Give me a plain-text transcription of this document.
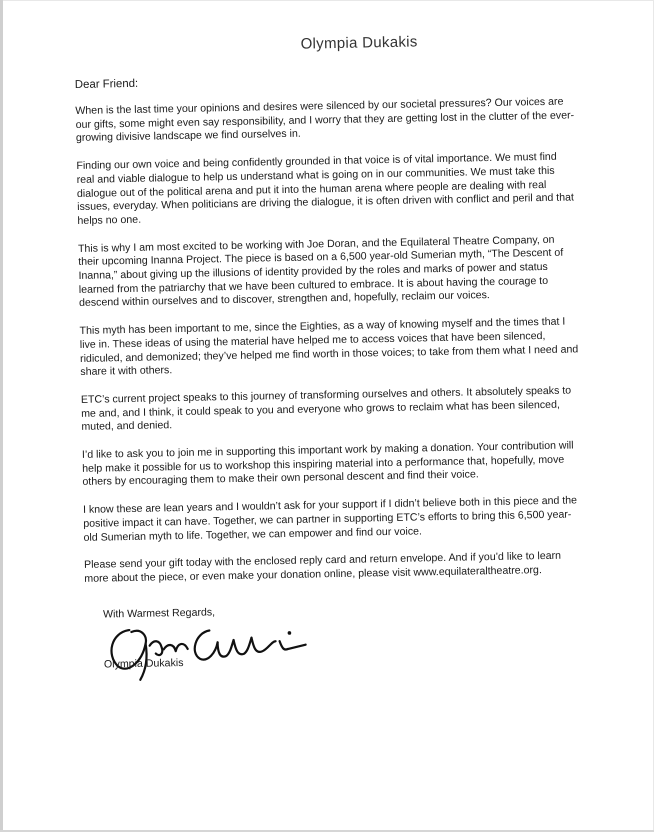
Olympia Dukakis
Dear Friend:

When is the last time your opinions and desires were silenced by our societal pressures? Our voices are our gifts, some might even say responsibility, and I worry that they are getting lost in the clutter of the ever-growing divisive landscape we find ourselves in.

Finding our own voice and being confidently grounded in that voice is of vital importance. We must find real and viable dialogue to help us understand what is going on in our communities. We must take this dialogue out of the political arena and put it into the human arena where people are dealing with real issues, everyday. When politicians are driving the dialogue, it is often driven with conflict and peril and that helps no one.

This is why I am most excited to be working with Joe Doran, and the Equilateral Theatre Company, on their upcoming Inanna Project. The piece is based on a 6,500 year-old Sumerian myth, “The Descent of Inanna,” about giving up the illusions of identity provided by the roles and marks of power and status learned from the patriarchy that we have been cultured to embrace. It is about having the courage to descend within ourselves and to discover, strengthen and, hopefully, reclaim our voices.

This myth has been important to me, since the Eighties, as a way of knowing myself and the times that I live in. These ideas of using the material have helped me to access voices that have been silenced, ridiculed, and demonized; they’ve helped me find worth in those voices; to take from them what I need and share it with others.

ETC’s current project speaks to this journey of transforming ourselves and others. It absolutely speaks to me and, and I think, it could speak to you and everyone who grows to reclaim what has been silenced, muted, and denied.

I’d like to ask you to join me in supporting this important work by making a donation. Your contribution will help make it possible for us to workshop this inspiring material into a performance that, hopefully, move others by encouraging them to make their own personal descent and find their voice.

I know these are lean years and I wouldn’t ask for your support if I didn’t believe both in this piece and the positive impact it can have. Together, we can partner in supporting ETC’s efforts to bring this 6,500 year-old Sumerian myth to life. Together, we can empower and find our voice.

Please send your gift today with the enclosed reply card and return envelope. And if you’d like to learn more about the piece, or even make your donation online, please visit www.equilateraltheatre.org.

With Warmest Regards,
Olympia Dukakis
